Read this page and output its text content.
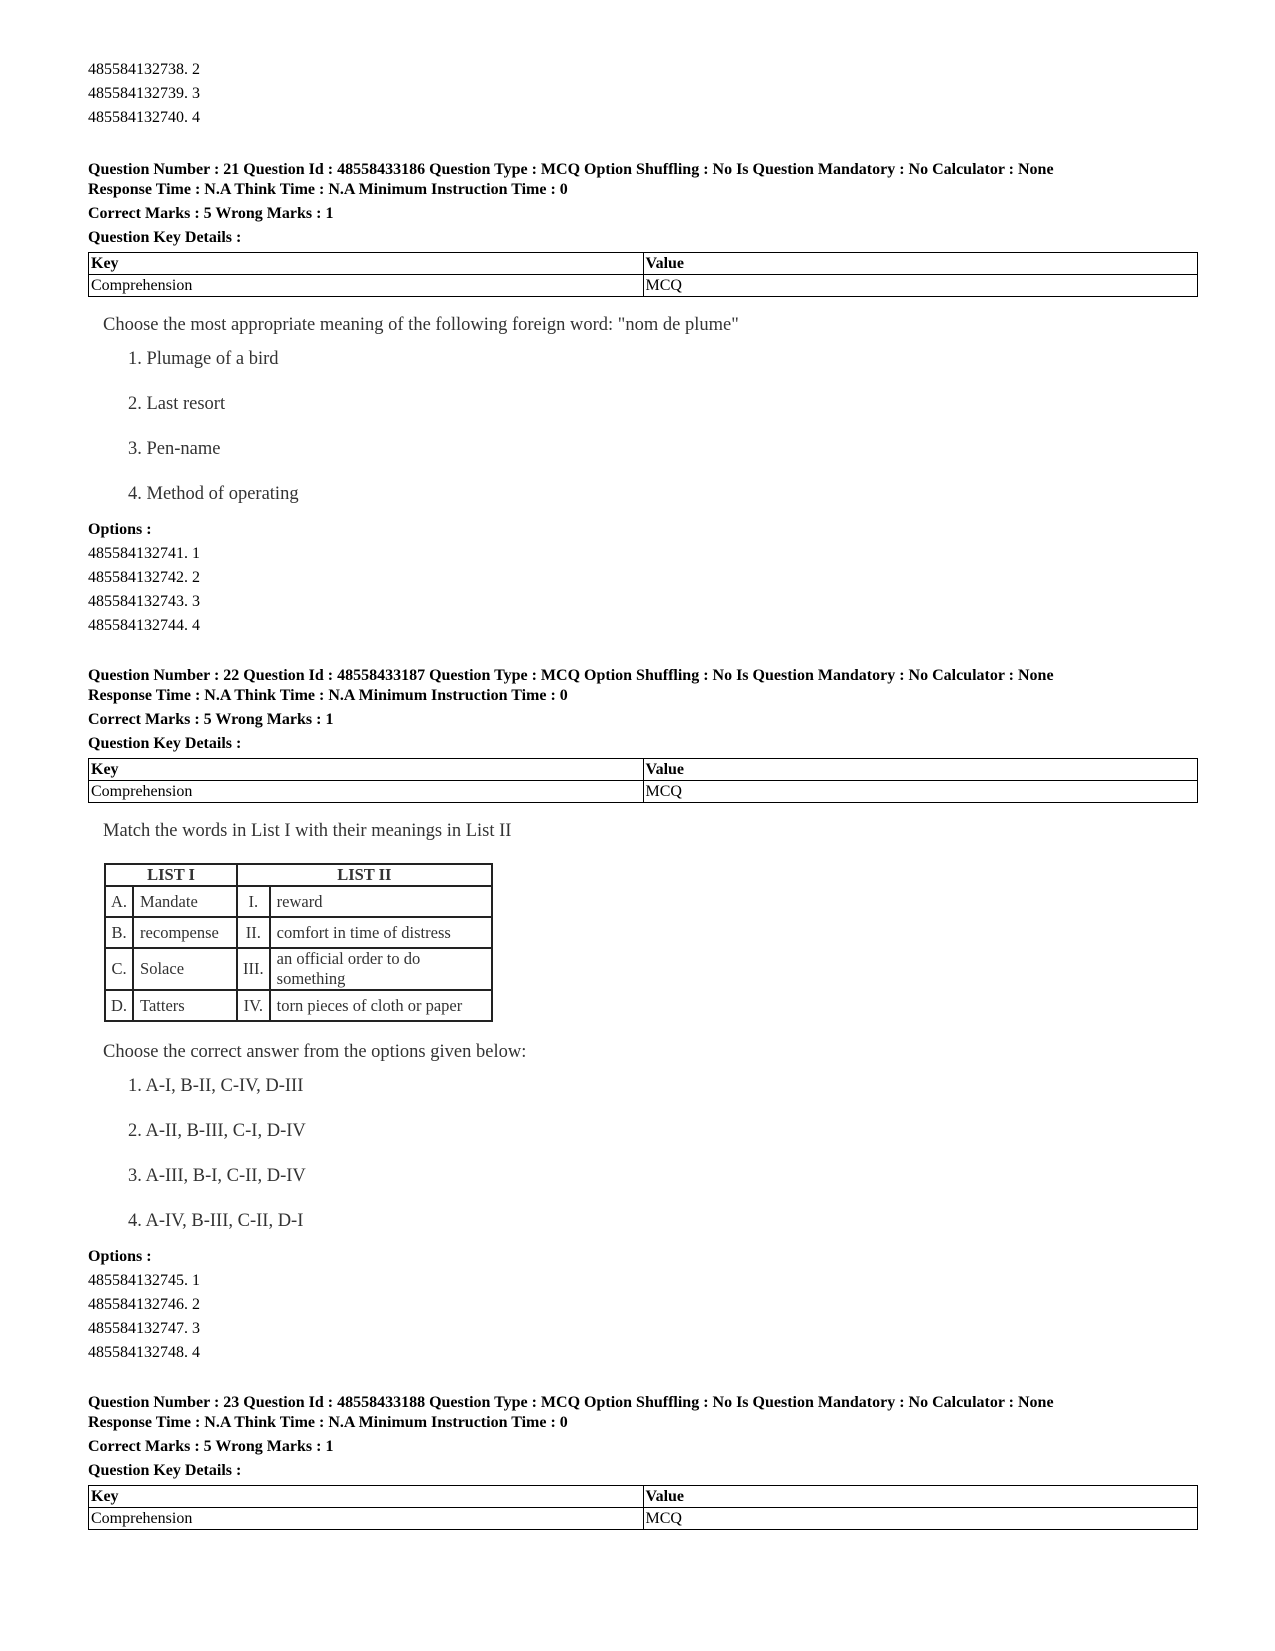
485584132738. 2
485584132739. 3
485584132740. 4
Question Number : 21 Question Id : 48558433186 Question Type : MCQ Option Shuffling : No Is Question Mandatory : No Calculator : None
Response Time : N.A Think Time : N.A Minimum Instruction Time : 0
Correct Marks : 5 Wrong Marks : 1
Question Key Details :
Key	Value
Comprehension	MCQ
Choose the most appropriate meaning of the following foreign word: "nom de plume"
1. Plumage of a bird
2. Last resort
3. Pen-name
4. Method of operating
Options :
485584132741. 1
485584132742. 2
485584132743. 3
485584132744. 4
Question Number : 22 Question Id : 48558433187 Question Type : MCQ Option Shuffling : No Is Question Mandatory : No Calculator : None
Response Time : N.A Think Time : N.A Minimum Instruction Time : 0
Correct Marks : 5 Wrong Marks : 1
Question Key Details :
Key	Value
Comprehension	MCQ
Match the words in List I with their meanings in List II
LIST I		LIST II	
A.	Mandate	I.	reward
B.	recompense	II.	comfort in time of distress
C.	Solace	III.	an official order to do something
D.	Tatters	IV.	torn pieces of cloth or paper
Choose the correct answer from the options given below:
1. A-I, B-II, C-IV, D-III
2. A-II, B-III, C-I, D-IV
3. A-III, B-I, C-II, D-IV
4. A-IV, B-III, C-II, D-I
Options :
485584132745. 1
485584132746. 2
485584132747. 3
485584132748. 4
Question Number : 23 Question Id : 48558433188 Question Type : MCQ Option Shuffling : No Is Question Mandatory : No Calculator : None
Response Time : N.A Think Time : N.A Minimum Instruction Time : 0
Correct Marks : 5 Wrong Marks : 1
Question Key Details :
Key	Value
Comprehension	MCQ
